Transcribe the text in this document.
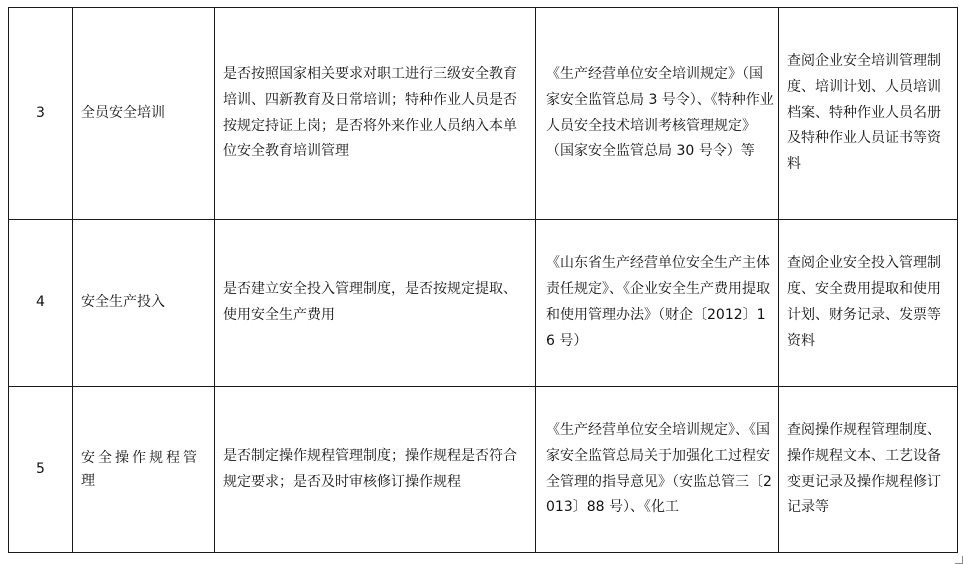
3	全员安全培训	是否按照国家相关要求对职工进行三级安全教育培训、四新教育及日常培训；特种作业人员是否按规定持证上岗；是否将外来作业人员纳入本单位安全教育培训管理	《生产经营单位安全培训规定》（国家安全监管总局 3 号令）、《特种作业人员安全技术培训考核管理规定》（国家安全监管总局 30 号令）等	查阅企业安全培训管理制度、培训计划、人员培训档案、特种作业人员名册及特种作业人员证书等资料

4	安全生产投入	是否建立安全投入管理制度，是否按规定提取、使用安全生产费用	《山东省生产经营单位安全生产主体责任规定》、《企业安全生产费用提取和使用管理办法》（财企〔2012〕16 号）	查阅企业安全投入管理制度、安全费用提取和使用计划、财务记录、发票等资料

5	安全操作规程管理	是否制定操作规程管理制度；操作规程是否符合规定要求；是否及时审核修订操作规程	《生产经营单位安全培训规定》、《国家安全监管总局关于加强化工过程安全管理的指导意见》（安监总管三〔2013〕88 号）、《化工	查阅操作规程管理制度、操作规程文本、工艺设备变更记录及操作规程修订记录等
